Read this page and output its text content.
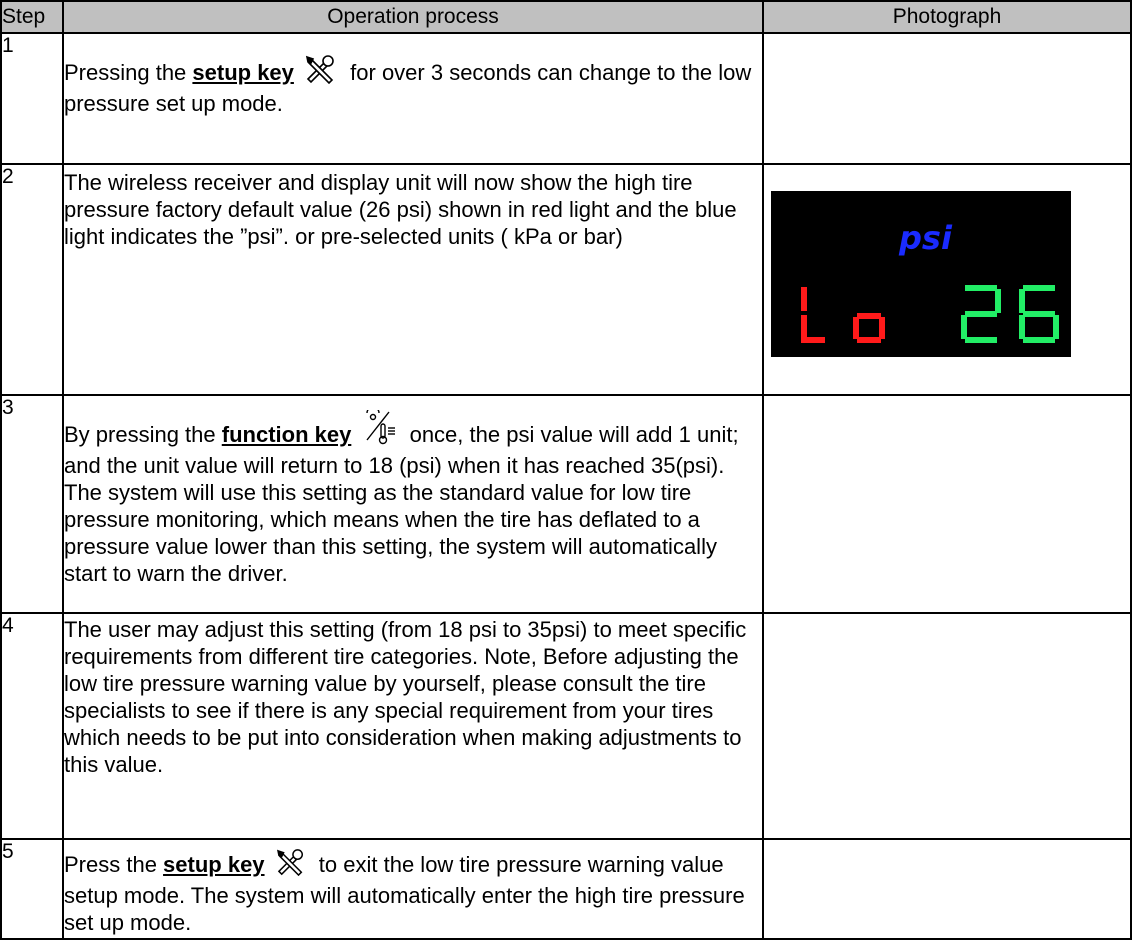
Step	Operation process	Photograph
1	Pressing the setup key for over 3 seconds can change to the low pressure set up mode.	
2	The wireless receiver and display unit will now show the high tire pressure factory default value (26 psi) shown in red light and the blue light indicates the ”psi”. or pre-selected units ( kPa or bar)	psi

3	By pressing the function key once, the psi value will add 1 unit; and the unit value will return to 18 (psi) when it has reached 35(psi). The system will use this setting as the standard value for low tire pressure monitoring, which means when the tire has deflated to a pressure value lower than this setting, the system will automatically start to warn the driver.	
4	The user may adjust this setting (from 18 psi to 35psi) to meet specific requirements from different tire categories. Note, Before adjusting the low tire pressure warning value by yourself, please consult the tire specialists to see if there is any special requirement from your tires which needs to be put into consideration when making adjustments to this value.	
5	Press the setup key  to exit the low tire pressure warning value setup mode. The system will automatically enter the high tire pressure set up mode.	
